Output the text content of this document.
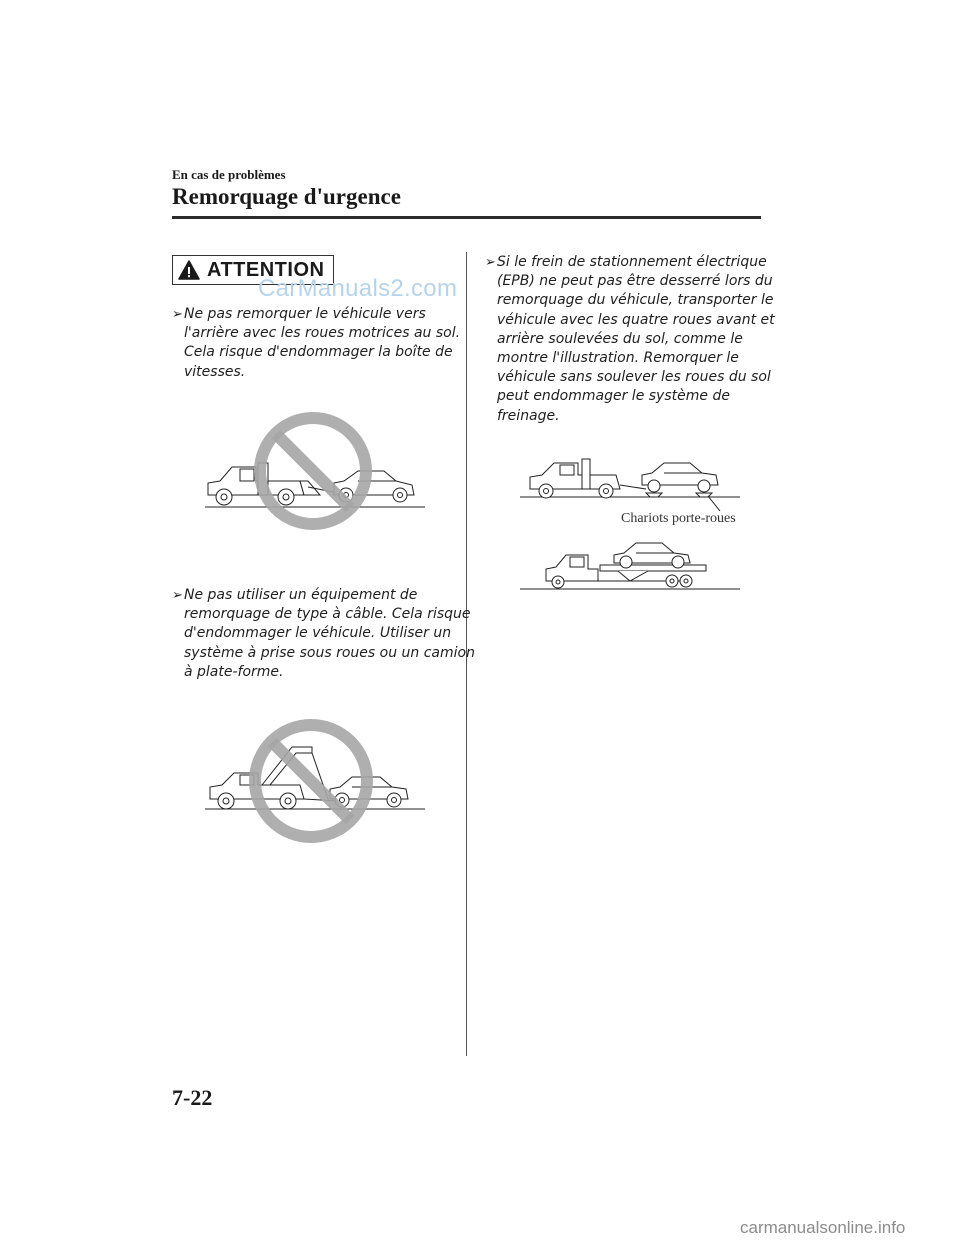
En cas de problèmes
Remorquage d'urgence
ATTENTION
CarManuals2.com
➢ Ne pas remorquer le véhicule vers

l'arrière avec les roues motrices au sol.

Cela risque d'endommager la boîte de

vitesses.

➢ Ne pas utiliser un équipement de

remorquage de type à câble. Cela risque

d'endommager le véhicule. Utiliser un

système à prise sous roues ou un camion

à plate-forme.

➢ Si le frein de stationnement électrique

(EPB) ne peut pas être desserré lors du

remorquage du véhicule, transporter le

véhicule avec les quatre roues avant et

arrière soulevées du sol, comme le

montre l'illustration. Remorquer le

véhicule sans soulever les roues du sol

peut endommager le système de

freinage.

Chariots porte-roues
7-22
carmanualsonline.info
